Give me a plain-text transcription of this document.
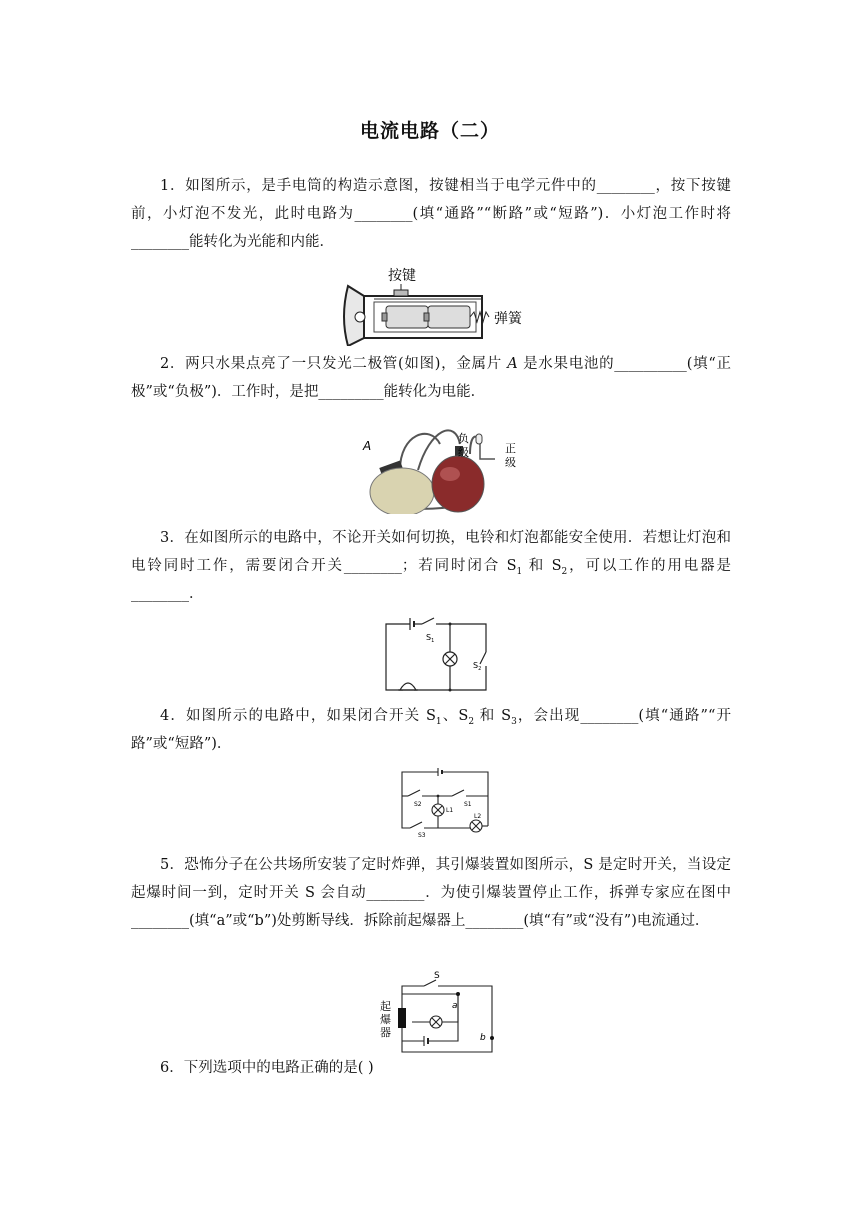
电流电路（二）
1．如图所示，是手电筒的构造示意图，按键相当于电学元件中的________，按下按键前，小灯泡不发光，此时电路为________(填“通路”“断路”或“短路”)．小灯泡工作时将________能转化为光能和内能．
按键
弹簧
2．两只水果点亮了一只发光二极管(如图)，金属片 A 是水果电池的__________(填“正极”或“负极”)．工作时，是把_________能转化为电能．
A
负
级	正
级
3．在如图所示的电路中，不论开关如何切换，电铃和灯泡都能安全使用．若想让灯泡和电铃同时工作，需要闭合开关________；若同时闭合 $S_1$ 和 $S_2$，可以工作的用电器是________．
$S_1$
$S_2$
4．如图所示的电路中，如果闭合开关 $S_1$、$S_2$ 和 $S_3$，会出现________(填“通路”“开路”或“短路”)．
S2	S1
L1
L2
S3
5．恐怖分子在公共场所安装了定时炸弹，其引爆装置如图所示，S 是定时开关，当设定起爆时间一到，定时开关 S 会自动________．为使引爆装置停止工作，拆弹专家应在图中________(填“a”或“b”)处剪断导线．拆除前起爆器上________(填“有”或“没有”)电流通过．
S
a
b
起
爆
器
6．下列选项中的电路正确的是( )
